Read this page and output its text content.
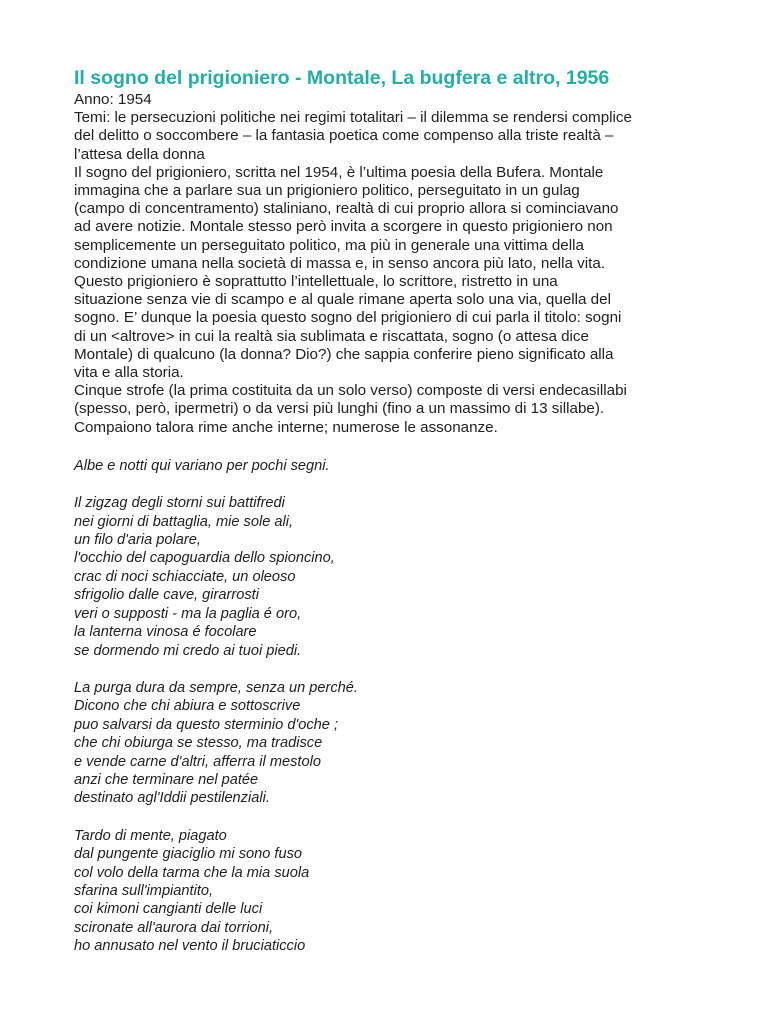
Il sogno del prigioniero - Montale, La bugfera e altro, 1956
Anno: 1954
Temi: le persecuzioni politiche nei regimi totalitari – il dilemma se rendersi complice
del delitto o soccombere – la fantasia poetica come compenso alla triste realtà –
l’attesa della donna
Il sogno del prigioniero, scritta nel 1954, è l’ultima poesia della Bufera. Montale
immagina che a parlare sua un prigioniero politico, perseguitato in un gulag
(campo di concentramento) staliniano, realtà di cui proprio allora si cominciavano
ad avere notizie. Montale stesso però invita a scorgere in questo prigioniero non
semplicemente un perseguitato politico, ma più in generale una vittima della
condizione umana nella società di massa e, in senso ancora più lato, nella vita.
Questo prigioniero è soprattutto l’intellettuale, lo scrittore, ristretto in una
situazione senza vie di scampo e al quale rimane aperta solo una via, quella del
sogno. E’ dunque la poesia questo sogno del prigioniero di cui parla il titolo: sogni
di un <altrove> in cui la realtà sia sublimata e riscattata, sogno (o attesa dice
Montale) di qualcuno (la donna? Dio?) che sappia conferire pieno significato alla
vita e alla storia.
Cinque strofe (la prima costituita da un solo verso) composte di versi endecasillabi
(spesso, però, ipermetri) o da versi più lunghi (fino a un massimo di 13 sillabe).
Compaiono talora rime anche interne; numerose le assonanze.
Albe e notti qui variano per pochi segni.
Il zigzag degli storni sui battifredi
nei giorni di battaglia, mie sole ali,
un filo d'aria polare,
l'occhio del capoguardia dello spioncino,
crac di noci schiacciate, un oleoso
sfrigolio dalle cave, girarrosti
veri o supposti - ma la paglia é oro,
la lanterna vinosa é focolare
se dormendo mi credo ai tuoi piedi.
La purga dura da sempre, senza un perché.
Dicono che chi abiura e sottoscrive
puo salvarsi da questo sterminio d'oche ;
che chi obiurga se stesso, ma tradisce
e vende carne d'altri, afferra il mestolo
anzi che terminare nel patée
destinato agl'Iddii pestilenziali.
Tardo di mente, piagato
dal pungente giaciglio mi sono fuso
col volo della tarma che la mia suola
sfarina sull'impiantito,
coi kimoni cangianti delle luci
scironate all'aurora dai torrioni,
ho annusato nel vento il bruciaticcio
